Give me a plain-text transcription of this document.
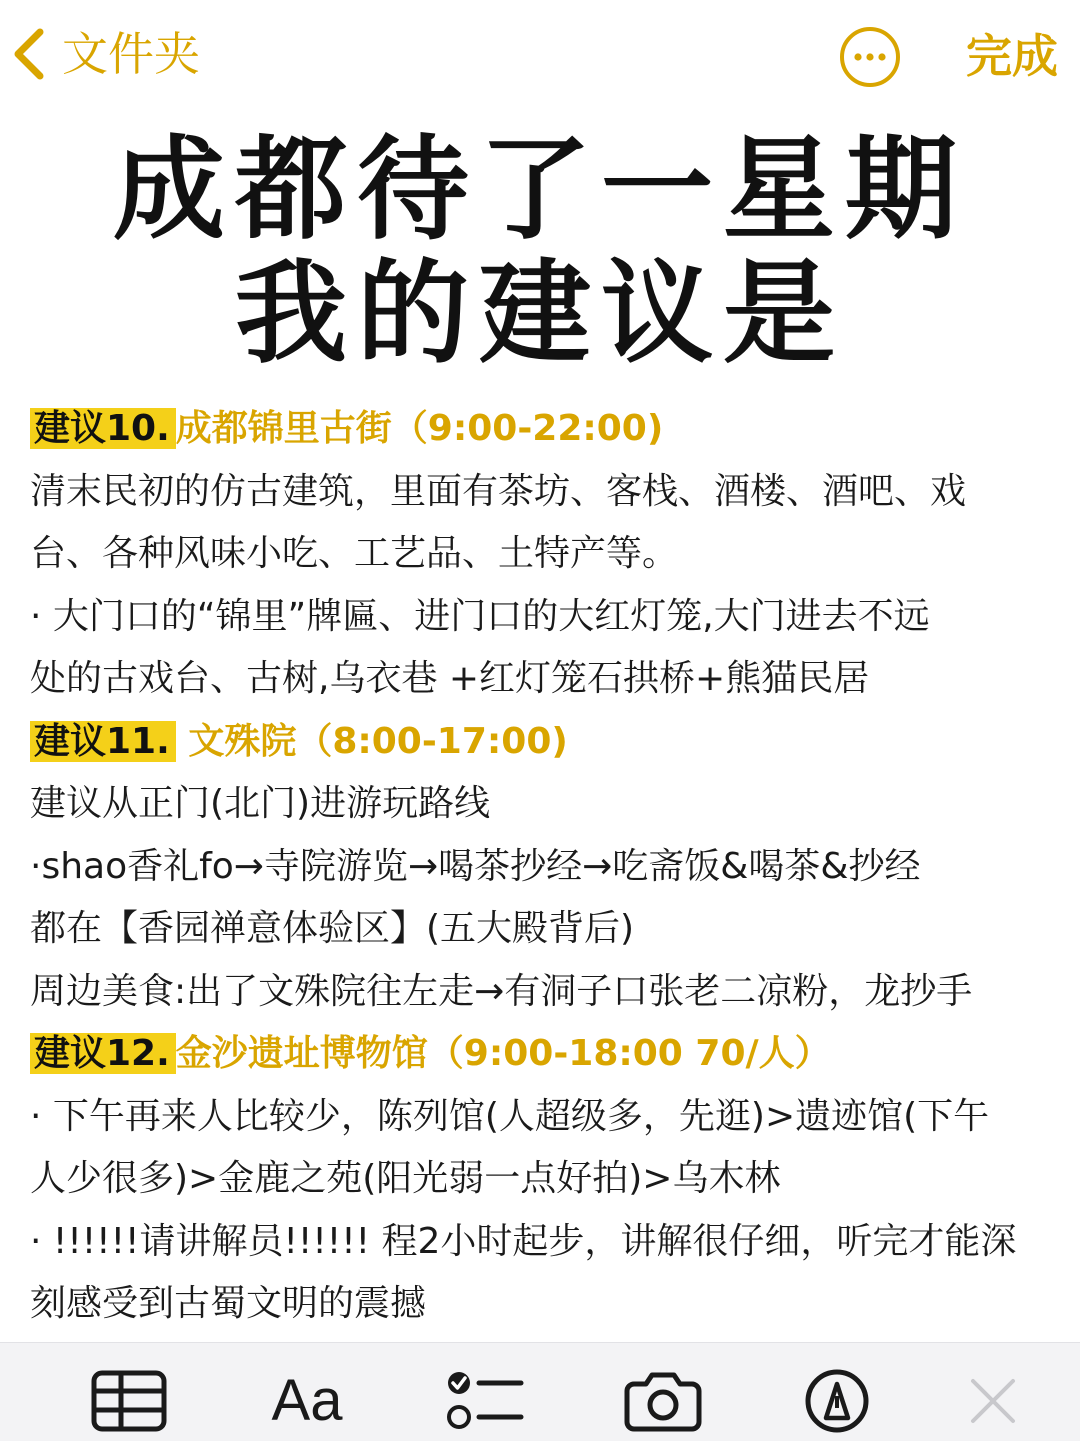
文件夹	完成
成都待了一星期
我的建议是
建议10. 成都锦里古街（9:00-22:00)
清末民初的仿古建筑，里面有茶坊、客栈、酒楼、酒吧、戏
台、各种风味小吃、工艺品、土特产等。
· 大门口的“锦里”牌匾、进门口的大红灯笼,大门进去不远
处的古戏台、古树,乌衣巷 +红灯笼石拱桥+熊猫民居
建议11. 文殊院（8:00-17:00)
建议从正门(北门)进游玩路线
·shao香礼fo→寺院游览→喝茶抄经→吃斋饭&喝茶&抄经
都在【香园禅意体验区】(五大殿背后)
周边美食:出了文殊院往左走→有洞子口张老二凉粉，龙抄手
建议12. 金沙遗址博物馆（9:00-18:00 70/人）
· 下午再来人比较少，陈列馆(人超级多，先逛)>遗迹馆(下午
人少很多)>金鹿之苑(阳光弱一点好拍)>乌木林
· !!!!!!请讲解员!!!!!! 程2小时起步，讲解很仔细，听完才能深
刻感受到古蜀文明的震撼
Aa
